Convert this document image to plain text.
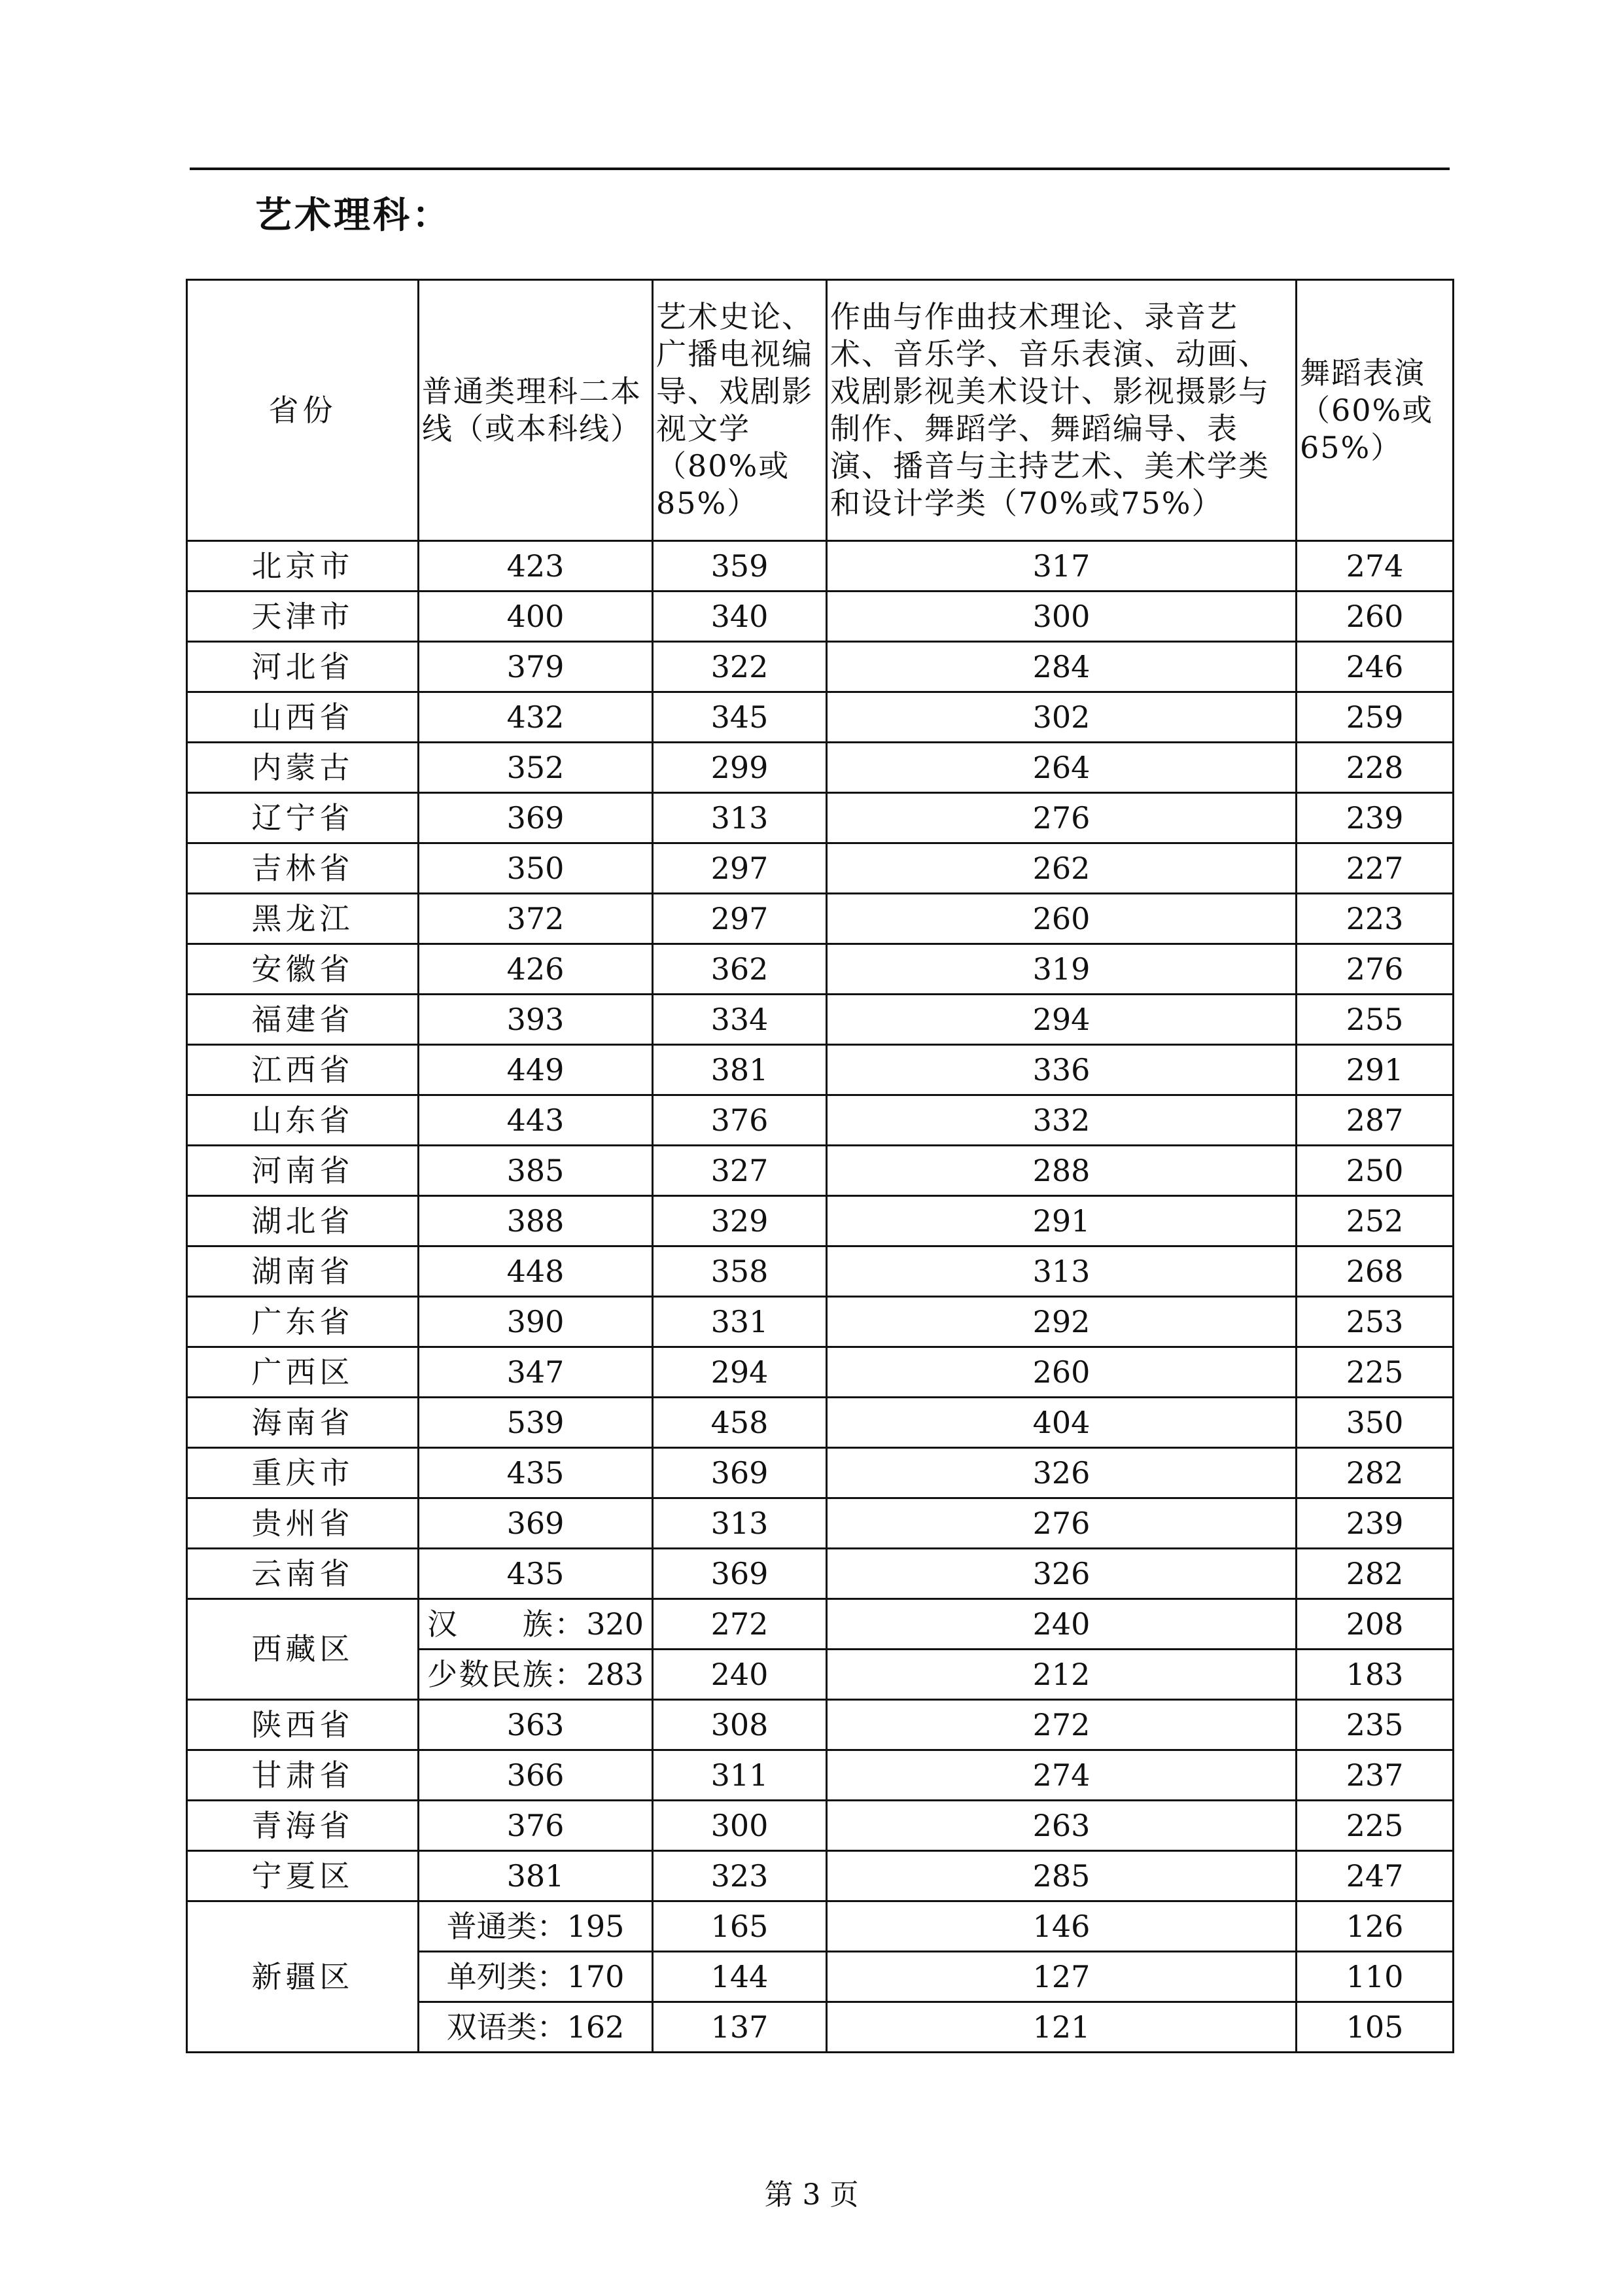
艺术理科：
省份	普通类理科二本线（或本科线）	艺术史论、广播电视编导、戏剧影视文学（80%或85%）	作曲与作曲技术理论、录音艺术、音乐学、音乐表演、动画、戏剧影视美术设计、影视摄影与制作、舞蹈学、舞蹈编导、表演、播音与主持艺术、美术学类和设计学类（70%或75%）	舞蹈表演（60%或65%）

北京市	423	359	317	274
天津市	400	340	300	260
河北省	379	322	284	246
山西省	432	345	302	259
内蒙古	352	299	264	228
辽宁省	369	313	276	239
吉林省	350	297	262	227
黑龙江	372	297	260	223
安徽省	426	362	319	276
福建省	393	334	294	255
江西省	449	381	336	291
山东省	443	376	332	287
河南省	385	327	288	250
湖北省	388	329	291	252
湖南省	448	358	313	268
广东省	390	331	292	253
广西区	347	294	260	225
海南省	539	458	404	350
重庆市	435	369	326	282
贵州省	369	313	276	239
云南省	435	369	326	282
西藏区	汉　　族：320	272	240	208
	少数民族：283	240	212	183
陕西省	363	308	272	235
甘肃省	366	311	274	237
青海省	376	300	263	225
宁夏区	381	323	285	247
新疆区	普通类：195	165	146	126
	单列类：170	144	127	110
	双语类：162	137	121	105
第 3 页
